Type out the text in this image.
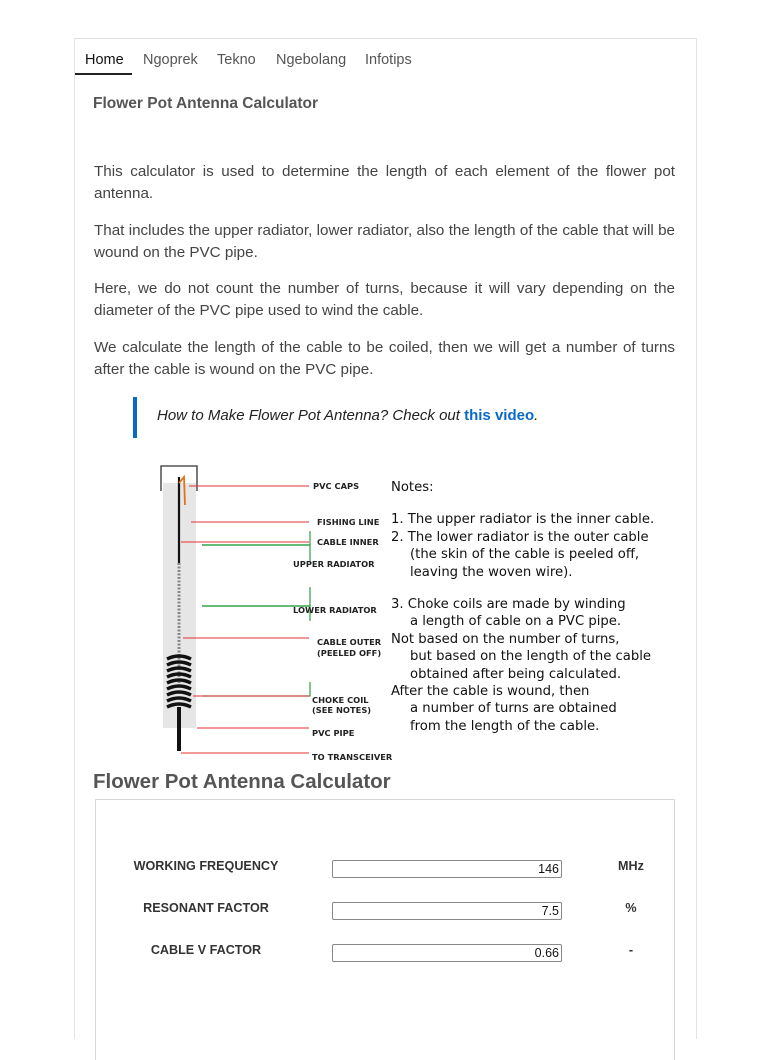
Home Ngoprek Tekno Ngebolang Infotips
Flower Pot Antenna Calculator

This calculator is used to determine the length of each element of the flower pot antenna.

That includes the upper radiator, lower radiator, also the length of the cable that will be wound on the PVC pipe.

Here, we do not count the number of turns, because it will vary depending on the diameter of the PVC pipe used to wind the cable.

We calculate the length of the cable to be coiled, then we will get a number of turns after the cable is wound on the PVC pipe.

How to Make Flower Pot Antenna? Check out this video.
PVC CAPS
FISHING LINE
CABLE INNER
UPPER RADIATOR
LOWER RADIATOR
CABLE OUTER
(PEELED OFF)
CHOKE COIL
(SEE NOTES)
PVC PIPE
TO TRANSCEIVER
Notes:
1. The upper radiator is the inner cable.
2. The lower radiator is the outer cable
(the skin of the cable is peeled off,
leaving the woven wire).
3. Choke coils are made by winding
a length of cable on a PVC pipe.
Not based on the number of turns,
but based on the length of the cable
obtained after being calculated.
After the cable is wound, then
a number of turns are obtained
from the length of the cable.
Flower Pot Antenna Calculator
WORKING FREQUENCY
146	MHz
RESONANT FACTOR
7.5	%
CABLE V FACTOR
0.66	-
